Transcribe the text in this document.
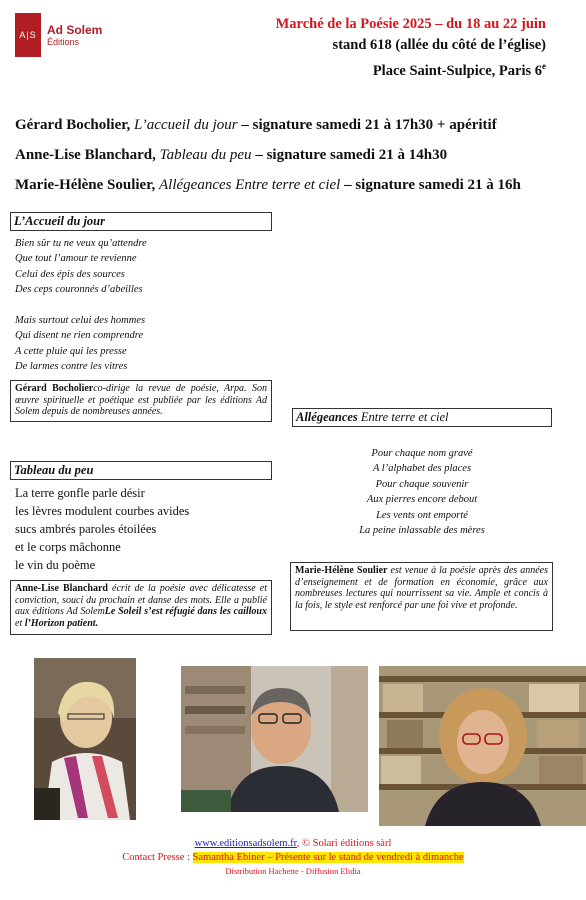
A|S Ad Solem
Éditions
Marché de la Poésie 2025 – du 18 au 22 juin
stand 618 (allée du côté de l’église)
Place Saint-Sulpice, Paris 6e
Gérard Bocholier, L’accueil du jour – signature samedi 21 à 17h30 + apéritif
Anne-Lise Blanchard, Tableau du peu – signature samedi 21 à 14h30
Marie-Hélène Soulier, Allégeances Entre terre et ciel – signature samedi 21 à 16h
L’Accueil du jour
Bien sûr tu ne veux qu’attendre
Que tout l’amour te revienne
Celui des épis des sources
Des ceps couronnés d’abeilles
Mais surtout celui des hommes
Qui disent ne rien comprendre
A cette pluie qui les presse
De larmes contre les vitres
Gérard Bocholierco-dirige la revue de poésie, Arpa. Son œuvre spirituelle et poétique est publiée par les éditions Ad Solem depuis de nombreuses années.	Allégeances Entre terre et ciel
Pour chaque nom gravé
A l’alphabet des places
Pour chaque souvenir
Aux pierres encore debout
Les vents ont emporté
La peine inlassable des mères
Marie-Hélène Soulier est venue à la poésie après des années d’enseignement et de formation en économie, grâce aux nombreuses lectures qui nourrissent sa vie. Ample et concis à la fois, le style est renforcé par une foi vive et profonde.
Tableau du peu
La terre gonfle parle désir
les lèvres modulent courbes avides
sucs ambrés paroles étoilées
et le corps mâchonne
le vin du poème
Anne-Lise Blanchard écrit de la poésie avec délicatesse et conviction, souci du prochain et danse des mots. Elle a publié aux éditions Ad SolemLe Soleil s’est réfugié dans les cailloux et l’Horizon patient.
www.editionsadsolem.fr, © Solari éditions sàrl
Contact Presse : Samantha Ebiner – Présente sur le stand de vendredi à dimanche
Distribution Hachette - Diffusion Elidia
